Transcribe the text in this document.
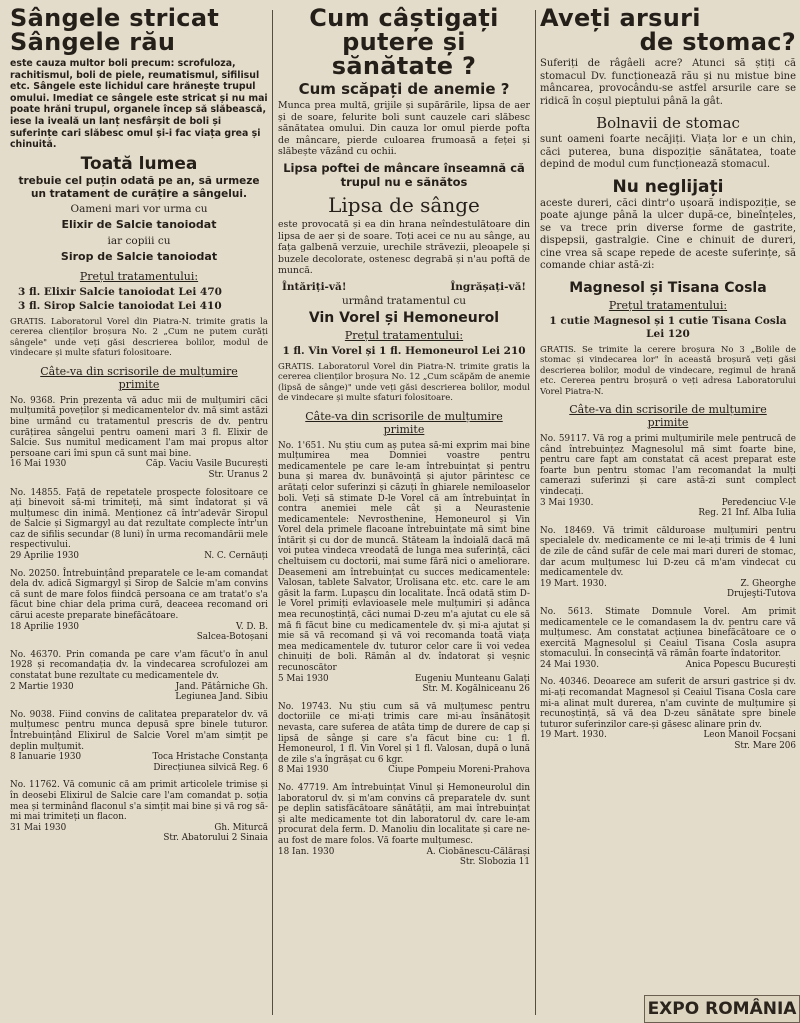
Sângele stricat
Sângele rău

este cauza multor boli precum: scrofuloza, rachitismul, boli de piele, reumatismul, sifilisul etc. Sângele este lichidul care hrănește trupul omului. Imediat ce sângele este stricat și nu mai poate hrăni trupul, organele încep să slăbească, iese la iveală un lanț nesfârșit de boli și suferințe cari slăbesc omul și-i fac viața grea și chinuită.

Toată lumea

trebuie cel puțin odată pe an, să urmeze un tratament de curățire a sângelui.

Oameni mari vor urma cu
Elixir de Salcie tanoiodat
iar copiii cu
Sirop de Salcie tanoiodat
Prețul tratamentului:
3 fl. Elixir Salcie tanoiodat Lei 470
3 fl. Sirop Salcie tanoiodat Lei 410

GRATIS. Laboratorul Vorel din Piatra-N. trimite gratis la cererea clienților broșura No. 2 „Cum ne putem curăți sângele" unde veți găsi descrierea bolilor, modul de vindecare și multe sfaturi folositoare.

Câte-va din scrisorile de mulțumire
primite

No. 9368. Prin prezenta vă aduc mii de mulțumiri căci mulțumită poveților și medicamentelor dv. mă simt astăzi bine urmând cu tratamentul prescris de dv. pentru curățirea sângelui pentru oameni mari 3 fl. Elixir de Salcie. Sus numitul medicament l'am mai propus altor persoane cari îmi spun că sunt mai bine.

16 Mai 1930	Căp. Vaciu Vasile București
Str. Uranus 2

No. 14855. Față de repetatele prospecte folositoare ce ați binevoit să-mi trimiteți, mă simt îndatorat și vă mulțumesc din inimă. Menționez că într'adevăr Siropul de Salcie și Sigmargyl au dat rezultate complecte într'un caz de sifilis secundar (8 luni) în urma recomandării mele respectivului.

29 Aprilie 1930	N. C. Cernăuți

No. 20250. Întrebuințând preparatele ce le-am comandat dela dv. adică Sigmargyl și Sirop de Salcie m'am convins că sunt de mare folos fiindcă persoana ce am tratat'o s'a făcut bine chiar dela prima cură, deaceea recomand ori cărui aceste preparate binefăcătoare.

18 Aprilie 1930	V. D. B.
Salcea-Botoșani

No. 46370. Prin comanda pe care v'am făcut'o în anul 1928 și recomandația dv. la vindecarea scrofulozei am constatat bune rezultate cu medicamentele dv.

2 Martie 1930	Jand. Pătârniche Gh.
Legiunea Jand. Sibiu

No. 9038. Fiind convins de calitatea preparatelor dv. vă mulțumesc pentru munca depusă spre binele tuturor. Întrebuințând Elixirul de Salcie Vorel m'am simțit pe deplin mulțumit.

8 Ianuarie 1930	Toca Hristache Constanța
Direcțiunea silvică Reg. 6

No. 11762. Vă comunic că am primit articolele trimise și în deosebi Elixirul de Salcie care l'am comandat p. soția mea și terminând flaconul s'a simțit mai bine și vă rog să-mi mai trimiteți un flacon.

31 Mai 1930	Gh. Miturcă
Str. Abatorului 2 Sinaia
Cum câștigați
putere și
sănătate ?
Cum scăpați de anemie ?

Munca prea multă, grijile și supărările, lipsa de aer și de soare, felurite boli sunt cauzele cari slăbesc sănătatea omului. Din cauza lor omul pierde pofta de mâncare, pierde culoarea frumoasă a feței și slăbește văzând cu ochii.

Lipsa poftei de mâncare înseamnă că trupul nu e sănătos
Lipsa de sânge

este provocată și ea din hrana neîndestulătoare din lipsa de aer și de soare. Toți acei ce nu au sânge, au fața galbenă verzuie, urechile străvezii, pleoapele și buzele decolorate, ostenesc degrabă și n'au poftă de muncă.

Întăriți-vă!	Îngrășați-vă!
urmând tratamentul cu
Vin Vorel și Hemoneurol
Prețul tratamentului:
1 fl. Vin Vorel și 1 fl. Hemoneurol Lei 210

GRATIS. Laboratorul Vorel din Piatra-N. trimite gratis la cererea clienților broșura No. 12 „Cum scăpăm de anemie (lipsă de sânge)" unde veți găsi descrierea bolilor, modul de vindecare și multe sfaturi folositoare.

Câte-va din scrisorile de mulțumire
primite

No. 1'651. Nu știu cum aș putea să-mi exprim mai bine mulțumirea mea Domniei voastre pentru medicamentele pe care le-am întrebuințat și pentru buna și marea dv. bunăvoință și ajutor părintesc ce arătați celor suferinzi și căzuți în ghiarele nemiloaselor boli. Veți să stimate D-le Vorel că am întrebuințat în contra anemiei mele cât și a Neurastenie medicamentele: Nevrosthenine, Hemoneurol și Vin Vorel dela primele flacoane întrebuințate mă simt bine întărit și cu dor de muncă. Stăteam la îndoială dacă mă voi putea vindeca vreodată de lunga mea suferință, căci cheltuisem cu doctorii, mai sume fără nici o ameliorare. Deasemeni am întrebuințat cu succes medicamentele: Valosan, tablete Salvator, Urolisana etc. etc. care le am găsit la farm. Lupașcu din localitate. Încă odată stim D-le Vorel primiți evlavioasele mele mulțumiri și adânca mea recunoștință, căci numai D-zeu m'a ajutat cu ele să mă fi făcut bine cu medicamentele dv. și mi-a ajutat și mie să vă recomand și vă voi recomanda toată viața mea medicamentele dv. tuturor celor care îi voi vedea chinuiți de boli. Rămân al dv. îndatorat și veșnic recunoscător

5 Mai 1930	Eugeniu Munteanu Galați
Str. M. Kogălniceanu 26

No. 19743. Nu știu cum să vă mulțumesc pentru doctoriile ce mi-ați trimis care mi-au însănătoșit nevasta, care suferea de atâta timp de durere de cap și lipsă de sânge și care s'a făcut bine cu: 1 fl. Hemoneurol, 1 fl. Vin Vorel și 1 fl. Valosan, după o lună de zile s'a îngrășat cu 6 kgr.

8 Mai 1930	Ciupe Pompeiu Moreni-Prahova

No. 47719. Am întrebuințat Vinul și Hemoneurolul din laboratorul dv. și m'am convins că preparatele dv. sunt pe deplin satisfăcătoare sănătății, am mai întrebuințat și alte medicamente tot din laboratorul dv. care le-am procurat dela ferm. D. Manoliu din localitate și care ne-au fost de mare folos. Vă foarte mulțumesc.

18 Ian. 1930	A. Ciobănescu-Călărași
Str. Slobozia 11
Aveți arsuri
de stomac?

Suferiți de râgâeli acre? Atunci să știți că stomacul Dv. funcționează rău și nu mistue bine mâncarea, provocându-se astfel arsurile care se ridică în coșul pieptului până la gât.

Bolnavii de stomac

sunt oameni foarte necăjiți. Viața lor e un chin, căci puterea, buna dispoziție sănătatea, toate depind de modul cum funcționează stomacul.

Nu neglijați

aceste dureri, căci dintr'o ușoară indispoziție, se poate ajunge până la ulcer după-ce, bineînțeles, se va trece prin diverse forme de gastrite, dispepsii, gastralgie. Cine e chinuit de dureri, cine vrea să scape repede de aceste suferințe, să comande chiar astă-zi:

Magnesol și Tisana Cosla
Prețul tratamentului:
1 cutie Magnesol și 1 cutie Tisana Cosla Lei 120

GRATIS. Se trimite la cerere broșura No 3 „Bolile de stomac și vindecarea lor" în această broșură veți găsi descrierea bolilor, modul de vindecare, regimul de hrană etc. Cererea pentru broșură o veți adresa Laboratorului Vorel Piatra-N.

Câte-va din scrisorile de mulțumire
primite

No. 59117. Vă rog a primi mulțumirile mele pentrucă de când întrebuințez Magnesolul mă simt foarte bine, pentru care fapt am constatat că acest preparat este foarte bun pentru stomac l'am recomandat la mulți camerazi suferinzi și care astă-zi sunt complect vindecați.

3 Mai 1930.	Peredenciuc V-le
Reg. 21 Inf. Alba Iulia

No. 18469. Vă trimit călduroase mulțumiri pentru specialele dv. medicamente ce mi le-ați trimis de 4 luni de zile de când sufăr de cele mai mari dureri de stomac, dar acum mulțumesc lui D-zeu că m'am vindecat cu medicamentele dv.

19 Mart. 1930.	Z. Gheorghe
Drujeşti-Tutova

No. 5613. Stimate Domnule Vorel. Am primit medicamentele ce le comandasem la dv. pentru care vă mulțumesc. Am constatat acțiunea binefăcătoare ce o exercită Magnesolul și Ceaiul Tisana Cosla asupra stomacului. În consecință vă rămân foarte îndatoritor.

24 Mai 1930.	Anica Popescu București

No. 40346. Deoarece am suferit de arsuri gastrice și dv. mi-ați recomandat Magnesol și Ceaiul Tisana Cosla care mi-a alinat mult durerea, n'am cuvinte de mulțumire și recunoștință, să vă dea D-zeu sănătate spre binele tuturor suferinzilor care-și găsesc alinare prin dv.

19 Mart. 1930.	Leon Manoil Focșani
Str. Mare 206
EXPO ROMÂNIA
